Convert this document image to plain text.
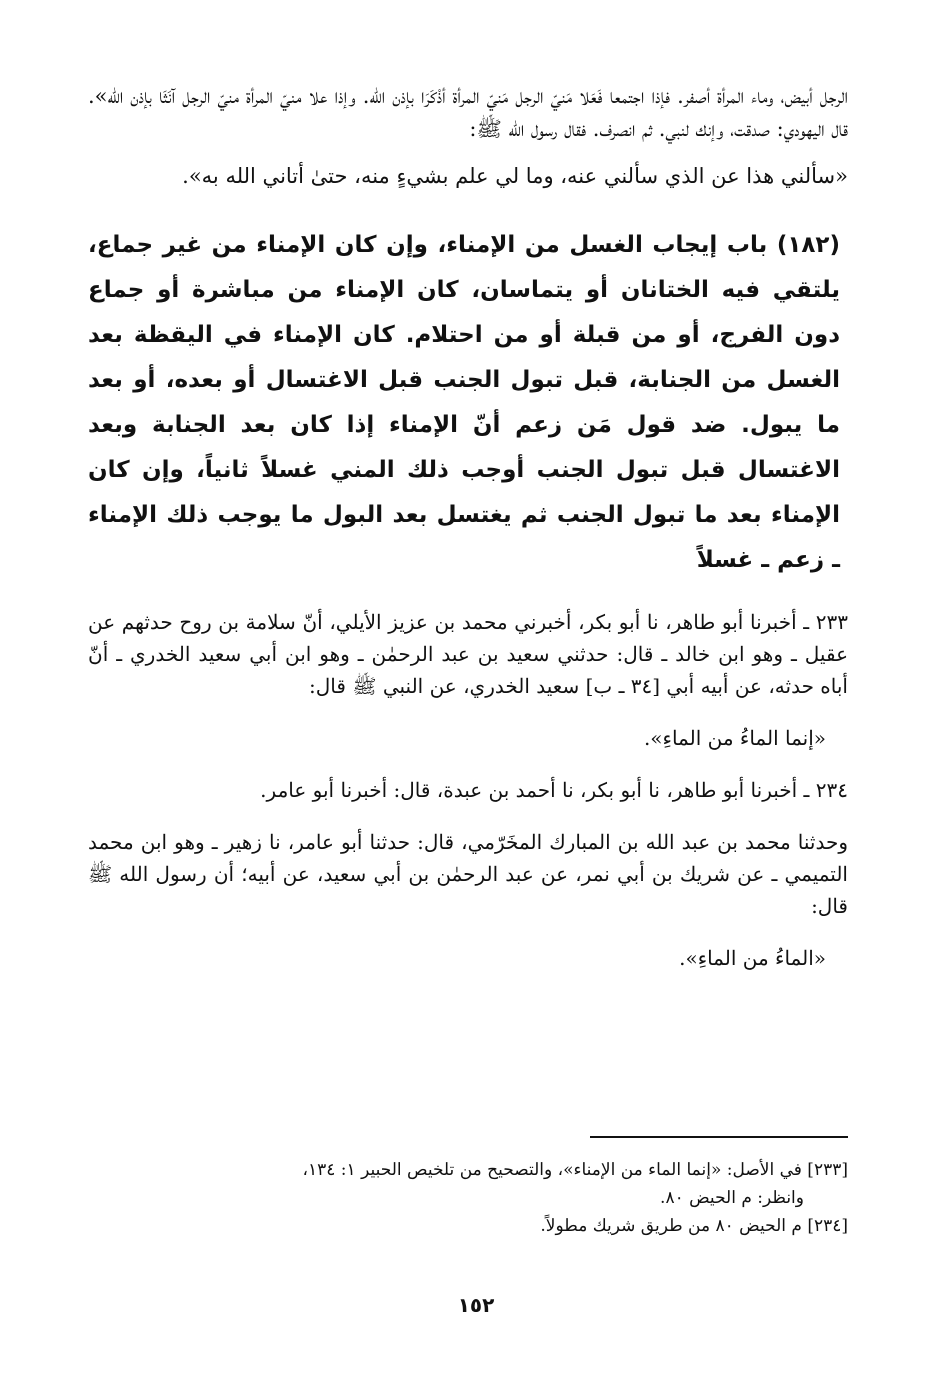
الرجل أبيض، وماء المرأة أصفر. فإذا اجتمعا فَعَلا مَنيّ الرجل مَنيّ المرأة أذْكَرَا بإذن الله. وإذا علا منيّ المرأة منيّ الرجل آنَثَا بإذن الله». قال اليهودي: صدقت، وإنك لنبي. ثم انصرف. فقال رسول الله ﷺ:

«سألني هذا عن الذي سألني عنه، وما لي علم بشيءٍ منه، حتىٰ أتاني الله به».

(١٨٢) باب إيجاب الغسل من الإمناء، وإن كان الإمناء من غير جماع، يلتقي فيه الختانان أو يتماسان، كان الإمناء من مباشرة أو جماع دون الفرج، أو من قبلة أو من احتلام. كان الإمناء في اليقظة بعد الغسل من الجنابة، قبل تبول الجنب قبل الاغتسال أو بعده، أو بعد ما يبول. ضد قول مَن زعم أنّ الإمناء إذا كان بعد الجنابة وبعد الاغتسال قبل تبول الجنب أوجب ذلك المني غسلاً ثانياً، وإن كان الإمناء بعد ما تبول الجنب ثم يغتسل بعد البول ما يوجب ذلك الإمناء ـ زعم ـ غسلاً

٢٣٣ ـ أخبرنا أبو طاهر، نا أبو بكر، أخبرني محمد بن عزيز الأيلي، أنّ سلامة بن روح حدثهم عن عقيل ـ وهو ابن خالد ـ قال: حدثني سعيد بن عبد الرحمٰن ـ وهو ابن أبي سعيد الخدري ـ أنّ أباه حدثه، عن أبيه أبي [٣٤ ـ ب] سعيد الخدري، عن النبي ﷺ قال:

«إنما الماءُ من الماءِ».

٢٣٤ ـ أخبرنا أبو طاهر، نا أبو بكر، نا أحمد بن عبدة، قال: أخبرنا أبو عامر.

وحدثنا محمد بن عبد الله بن المبارك المخَرّمي، قال: حدثنا أبو عامر، نا زهير ـ وهو ابن محمد التميمي ـ عن شريك بن أبي نمر، عن عبد الرحمٰن بن أبي سعيد، عن أبيه؛ أن رسول الله ﷺ قال:

«الماءُ من الماءِ».

[٢٣٣] في الأصل: «إنما الماء من الإمناء»، والتصحيح من تلخيص الحبير ١: ١٣٤،

وانظر: م الحيض ٨٠.

[٢٣٤] م الحيض ٨٠ من طريق شريك مطولاً.

١٥٢
